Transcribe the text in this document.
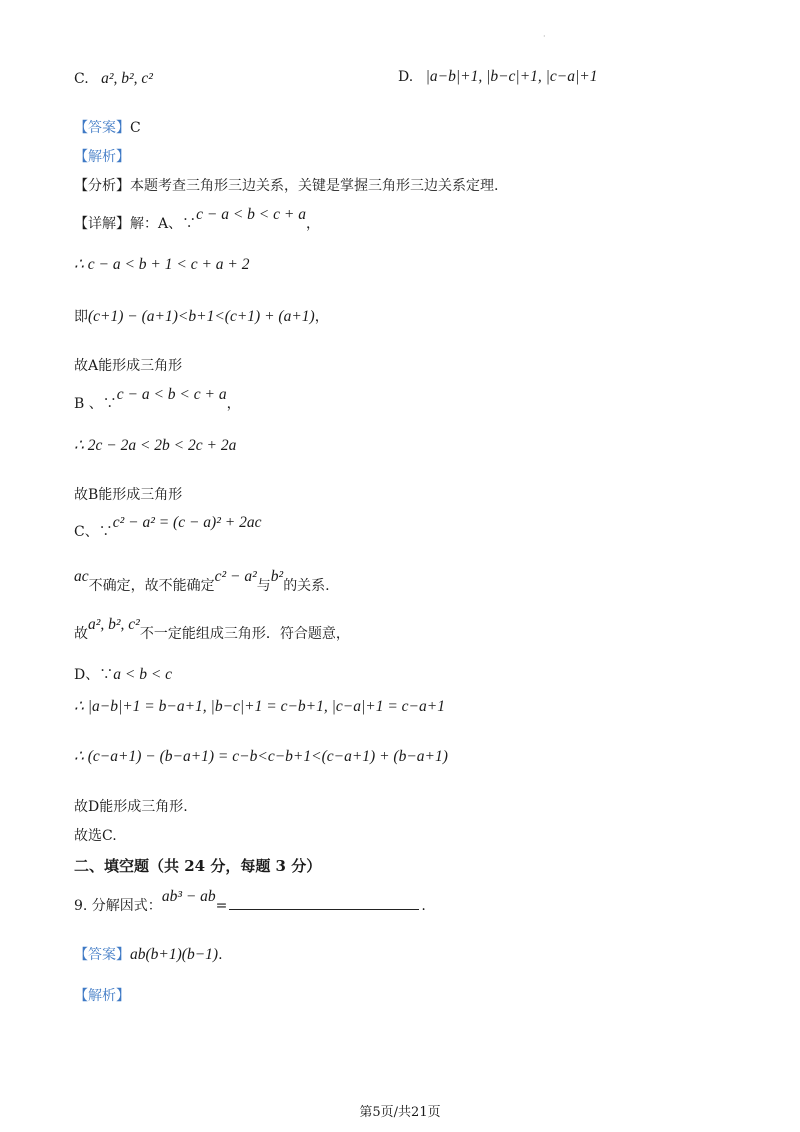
·
C. a², b², c²	D. |a−b|+1, |b−c|+1, |c−a|+1
【答案】C
【解析】
【分析】本题考查三角形三边关系，关键是掌握三角形三边关系定理.
【详解】解：A、∵c − a < b < c + a，
∴ c − a < b + 1 < c + a + 2
即(c+1) − (a+1)<b+1<(c+1) + (a+1)，
故A能形成三角形
B 、∵c − a < b < c + a，
∴ 2c − 2a < 2b < 2c + 2a
故B能形成三角形
C、∵c² − a² = (c − a)² + 2ac
ac不确定，故不能确定c² − a²与b²的关系.
故a², b², c²不一定能组成三角形．符合题意，
D、∵a < b < c
∴ |a−b|+1 = b−a+1, |b−c|+1 = c−b+1, |c−a|+1 = c−a+1
∴ (c−a+1) − (b−a+1) = c−b<c−b+1<(c−a+1) + (b−a+1)
故D能形成三角形.
故选C.
二、填空题（共 24 分，每题 3 分）
9. 分解因式：ab³ − ab=	.
【答案】ab(b+1)(b−1).
【解析】
第5页/共21页
